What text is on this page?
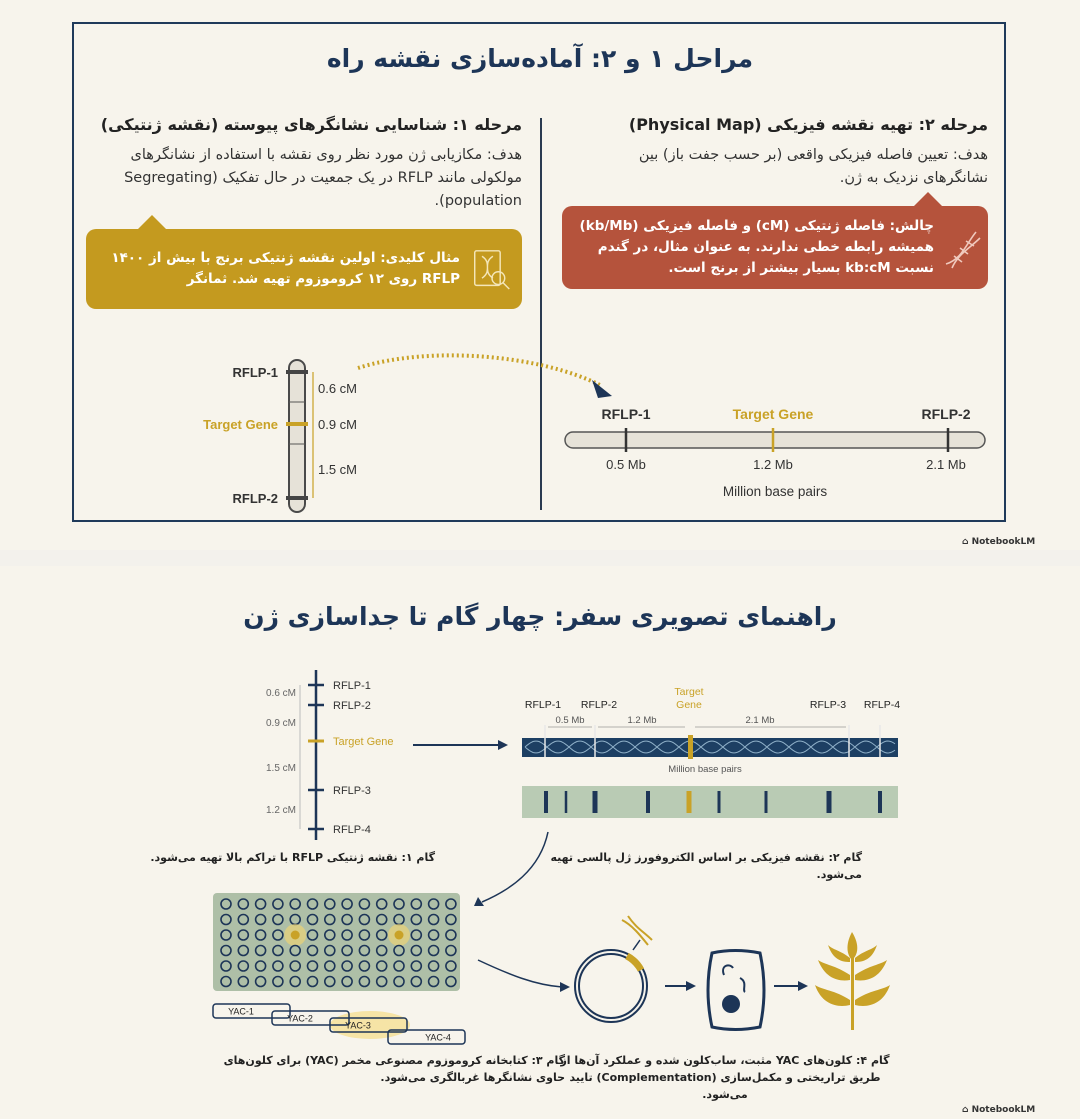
مراحل ۱ و ۲: آماده‌سازی نقشه راه
مرحله ۱: شناسایی نشانگرهای پیوسته (نقشه ژنتیکی)
هدف: مکازیابی ژن مورد نظر روی نقشه با استفاده از نشانگرهای مولکولی مانند RFLP در یک جمعیت در حال تفکیک (Segregating population).
مثال کلیدی: اولین نقشه ژنتیکی برنج با بیش از ۱۴۰۰ RFLP روی ۱۲ کروموزوم تهیه شد. ثمانگر
مرحله ۲: تهیه نقشه فیزیکی (Physical Map)
هدف: تعیین فاصله فیزیکی واقعی (بر حسب جفت باز) بین نشانگرهای نزدیک به ژن.
چالش: فاصله ژنتیکی (cM) و فاصله فیزیکی (kb/Mb) همیشه رابطه خطی ندارند. به عنوان مثال، در گندم نسبت kb:cM بسیار بیشتر از برنج است.
RFLP-1
Target Gene
RFLP-2
0.6 cM
0.9 cM
1.5 cM
RFLP-1	Target Gene	RFLP-2
0.5 Mb	1.2 Mb	2.1 Mb
Million base pairs
⌂ NotebookLM
راهنمای تصویری سفر: چهار گام تا جداسازی ژن
RFLP-1
RFLP-2
Target Gene
RFLP-3
RFLP-4
0.6 cM
0.9 cM
1.5 cM
1.2 cM
RFLP-1 RFLP-2
Target
Gene	RFLP-3 RFLP-4
0.5 Mb	1.2 Mb	2.1 Mb
Million base pairs
YAC-1
YAC-2
YAC-3
YAC-4
گام ۱: نقشه ژنتیکی RFLP با تراکم بالا تهیه می‌شود.	گام ۲: نقشه فیزیکی بر اساس الکتروفورز ژل پالسی تهیه می‌شود.
گام ۳: کتابخانه کروموزوم مصنوعی مخمر (YAC) برای کلون‌های حاوی نشانگرها غربالگری می‌شود.
گام ۴: کلون‌های YAC مثبت، ساب‌کلون شده و عملکرد آن‌ها از طریق تراریختی و مکمل‌سازی (Complementation) تایید می‌شود.
⌂ NotebookLM
